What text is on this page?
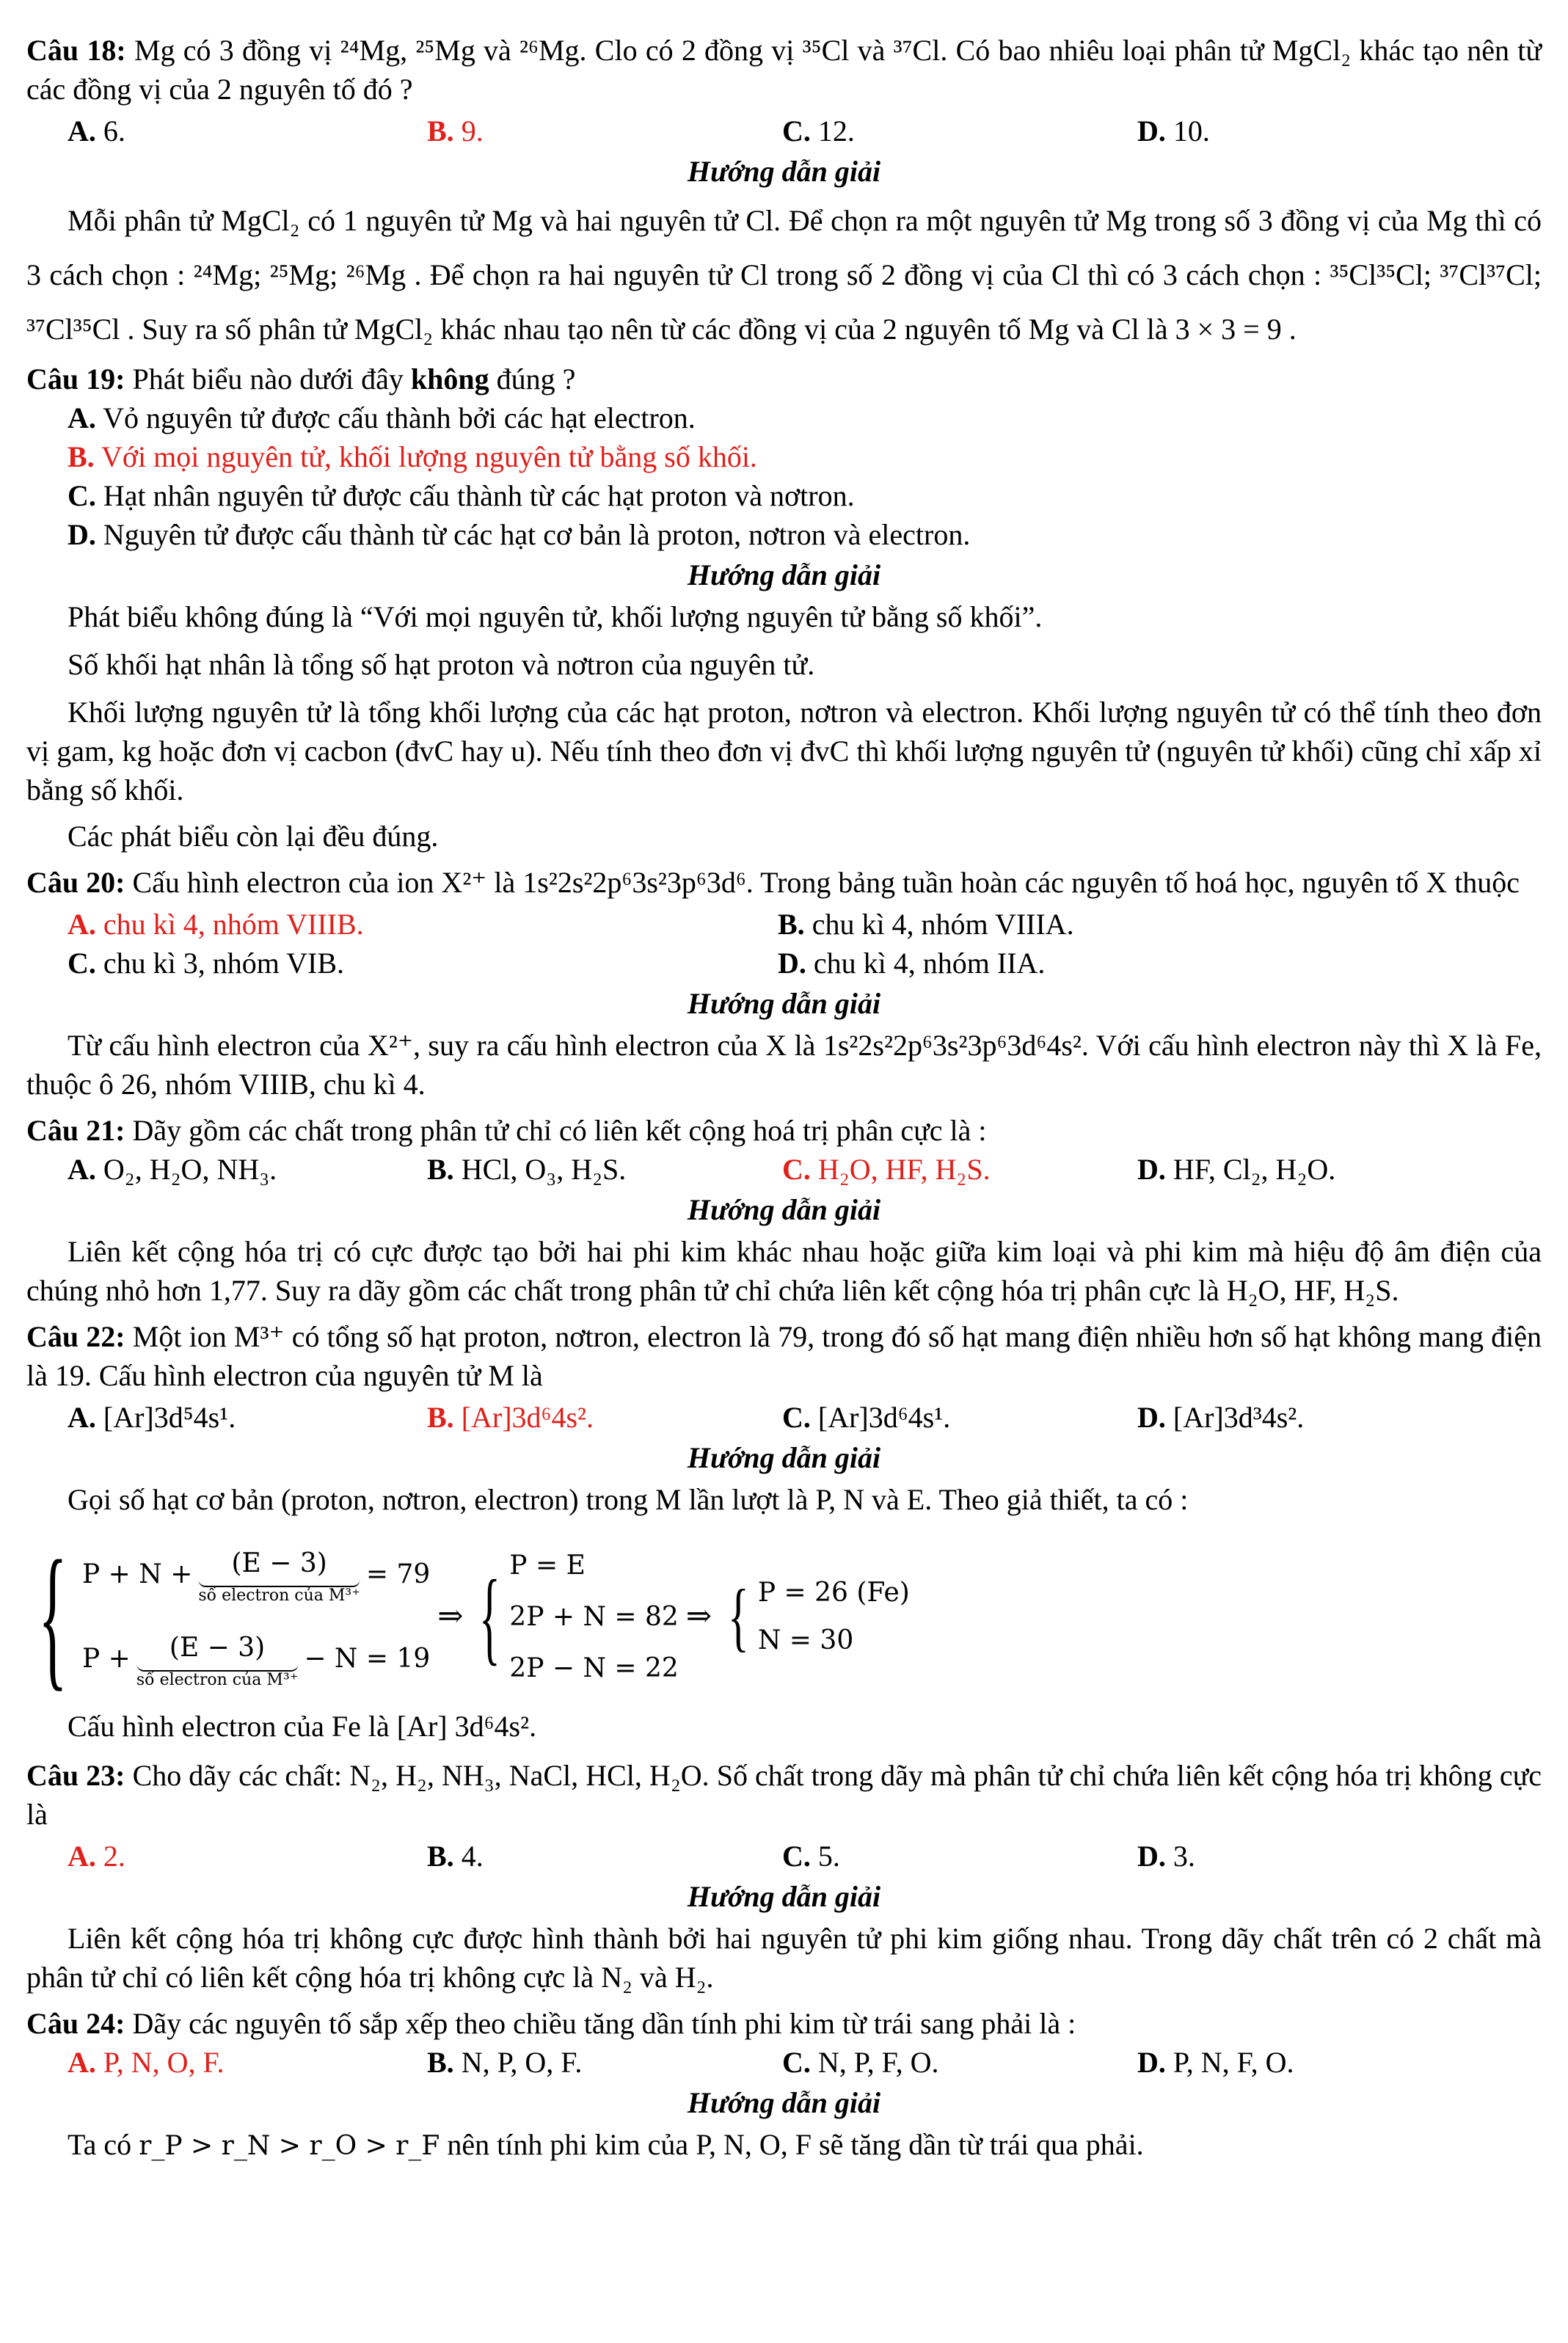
Câu 18: Mg có 3 đồng vị ²⁴Mg, ²⁵Mg và ²⁶Mg. Clo có 2 đồng vị ³⁵Cl và ³⁷Cl. Có bao nhiêu loại phân tử MgCl₂ khác tạo nên từ các đồng vị của 2 nguyên tố đó ?

A. 6.	B. 9.	C. 12.	D. 10.

Hướng dẫn giải

Mỗi phân tử MgCl₂ có 1 nguyên tử Mg và hai nguyên tử Cl. Để chọn ra một nguyên tử Mg trong số 3 đồng vị của Mg thì có 3 cách chọn : ²⁴Mg; ²⁵Mg; ²⁶Mg . Để chọn ra hai nguyên tử Cl trong số 2 đồng vị của Cl thì có 3 cách chọn : ³⁵Cl³⁵Cl; ³⁷Cl³⁷Cl; ³⁷Cl³⁵Cl . Suy ra số phân tử MgCl₂ khác nhau tạo nên từ các đồng vị của 2 nguyên tố Mg và Cl là 3 × 3 = 9 .

Câu 19: Phát biểu nào dưới đây không đúng ?

A. Vỏ nguyên tử được cấu thành bởi các hạt electron.

B. Với mọi nguyên tử, khối lượng nguyên tử bằng số khối.

C. Hạt nhân nguyên tử được cấu thành từ các hạt proton và nơtron.

D. Nguyên tử được cấu thành từ các hạt cơ bản là proton, nơtron và electron.

Hướng dẫn giải

Phát biểu không đúng là “Với mọi nguyên tử, khối lượng nguyên tử bằng số khối”.

Số khối hạt nhân là tổng số hạt proton và nơtron của nguyên tử.

Khối lượng nguyên tử là tổng khối lượng của các hạt proton, nơtron và electron. Khối lượng nguyên tử có thể tính theo đơn vị gam, kg hoặc đơn vị cacbon (đvC hay u). Nếu tính theo đơn vị đvC thì khối lượng nguyên tử (nguyên tử khối) cũng chỉ xấp xỉ bằng số khối.

Các phát biểu còn lại đều đúng.

Câu 20: Cấu hình electron của ion X²⁺ là 1s²2s²2p⁶3s²3p⁶3d⁶. Trong bảng tuần hoàn các nguyên tố hoá học, nguyên tố X thuộc

A. chu kì 4, nhóm VIIIB.	B. chu kì 4, nhóm VIIIA.
C. chu kì 3, nhóm VIB.	D. chu kì 4, nhóm IIA.

Hướng dẫn giải

Từ cấu hình electron của X²⁺, suy ra cấu hình electron của X là 1s²2s²2p⁶3s²3p⁶3d⁶4s². Với cấu hình electron này thì X là Fe, thuộc ô 26, nhóm VIIIB, chu kì 4.

Câu 21: Dãy gồm các chất trong phân tử chỉ có liên kết cộng hoá trị phân cực là :

A. O₂, H₂O, NH₃.	B. HCl, O₃, H₂S.	C. H₂O, HF, H₂S.	D. HF, Cl₂, H₂O.

Hướng dẫn giải

Liên kết cộng hóa trị có cực được tạo bởi hai phi kim khác nhau hoặc giữa kim loại và phi kim mà hiệu độ âm điện của chúng nhỏ hơn 1,77. Suy ra dãy gồm các chất trong phân tử chỉ chứa liên kết cộng hóa trị phân cực là H₂O, HF, H₂S.

Câu 22: Một ion M³⁺ có tổng số hạt proton, nơtron, electron là 79, trong đó số hạt mang điện nhiều hơn số hạt không mang điện là 19. Cấu hình electron của nguyên tử M là

A. [Ar]3d⁵4s¹.	B. [Ar]3d⁶4s².	C. [Ar]3d⁶4s¹.	D. [Ar]3d³4s².

Hướng dẫn giải

Gọi số hạt cơ bản (proton, nơtron, electron) trong M lần lượt là P, N và E. Theo giả thiết, ta có :

{ P + N +	(E − 3)
số electron của M³⁺
= 79
P +	(E − 3)
số electron của M³⁺
− N = 19
⇒ { P = E
2P + N = 82
2P − N = 22
⇒ { P = 26 (Fe)
N = 30

Cấu hình electron của Fe là [Ar] 3d⁶4s².

Câu 23: Cho dãy các chất: N₂, H₂, NH₃, NaCl, HCl, H₂O. Số chất trong dãy mà phân tử chỉ chứa liên kết cộng hóa trị không cực là

A. 2.	B. 4.	C. 5.	D. 3.

Hướng dẫn giải

Liên kết cộng hóa trị không cực được hình thành bởi hai nguyên tử phi kim giống nhau. Trong dãy chất trên có 2 chất mà phân tử chỉ có liên kết cộng hóa trị không cực là N₂ và H₂.

Câu 24: Dãy các nguyên tố sắp xếp theo chiều tăng dần tính phi kim từ trái sang phải là :

A. P, N, O, F.	B. N, P, O, F.	C. N, P, F, O.	D. P, N, F, O.

Hướng dẫn giải

Ta có r_P > r_N > r_O > r_F nên tính phi kim của P, N, O, F sẽ tăng dần từ trái qua phải.
